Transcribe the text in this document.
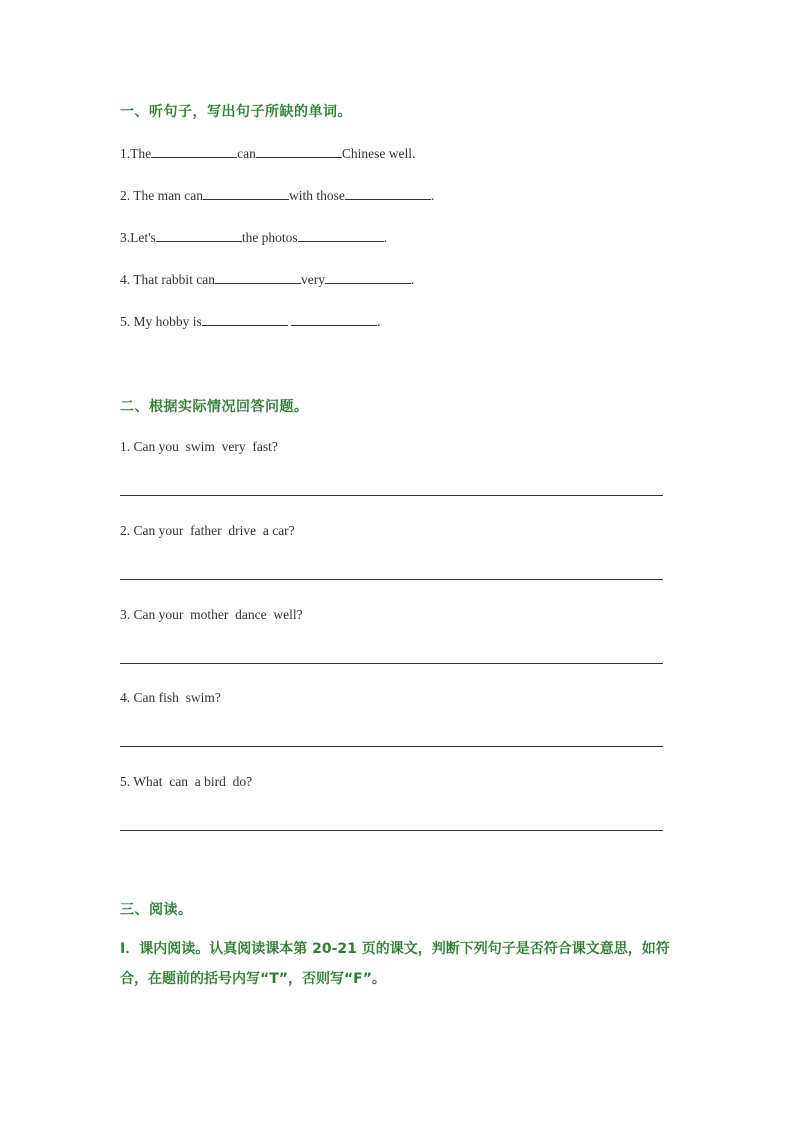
一、听句子，写出句子所缺的单词。
1.The	can	Chinese well.
2. The man can	with those	.
3.Let's	the photos	.
4. That rabbit can	very	.
5. My hobby is	.
二、根据实际情况回答问题。
1. Can you  swim  very  fast?
2. Can your  father  drive  a car?
3. Can your  mother  dance  well?
4. Can fish  swim?
5. What  can  a bird  do?
三、阅读。
I．课内阅读。认真阅读课本第 20-21 页的课文，判断下列句子是否符合课文意思，如符合，在题前的括号内写“T”，否则写“F”。
